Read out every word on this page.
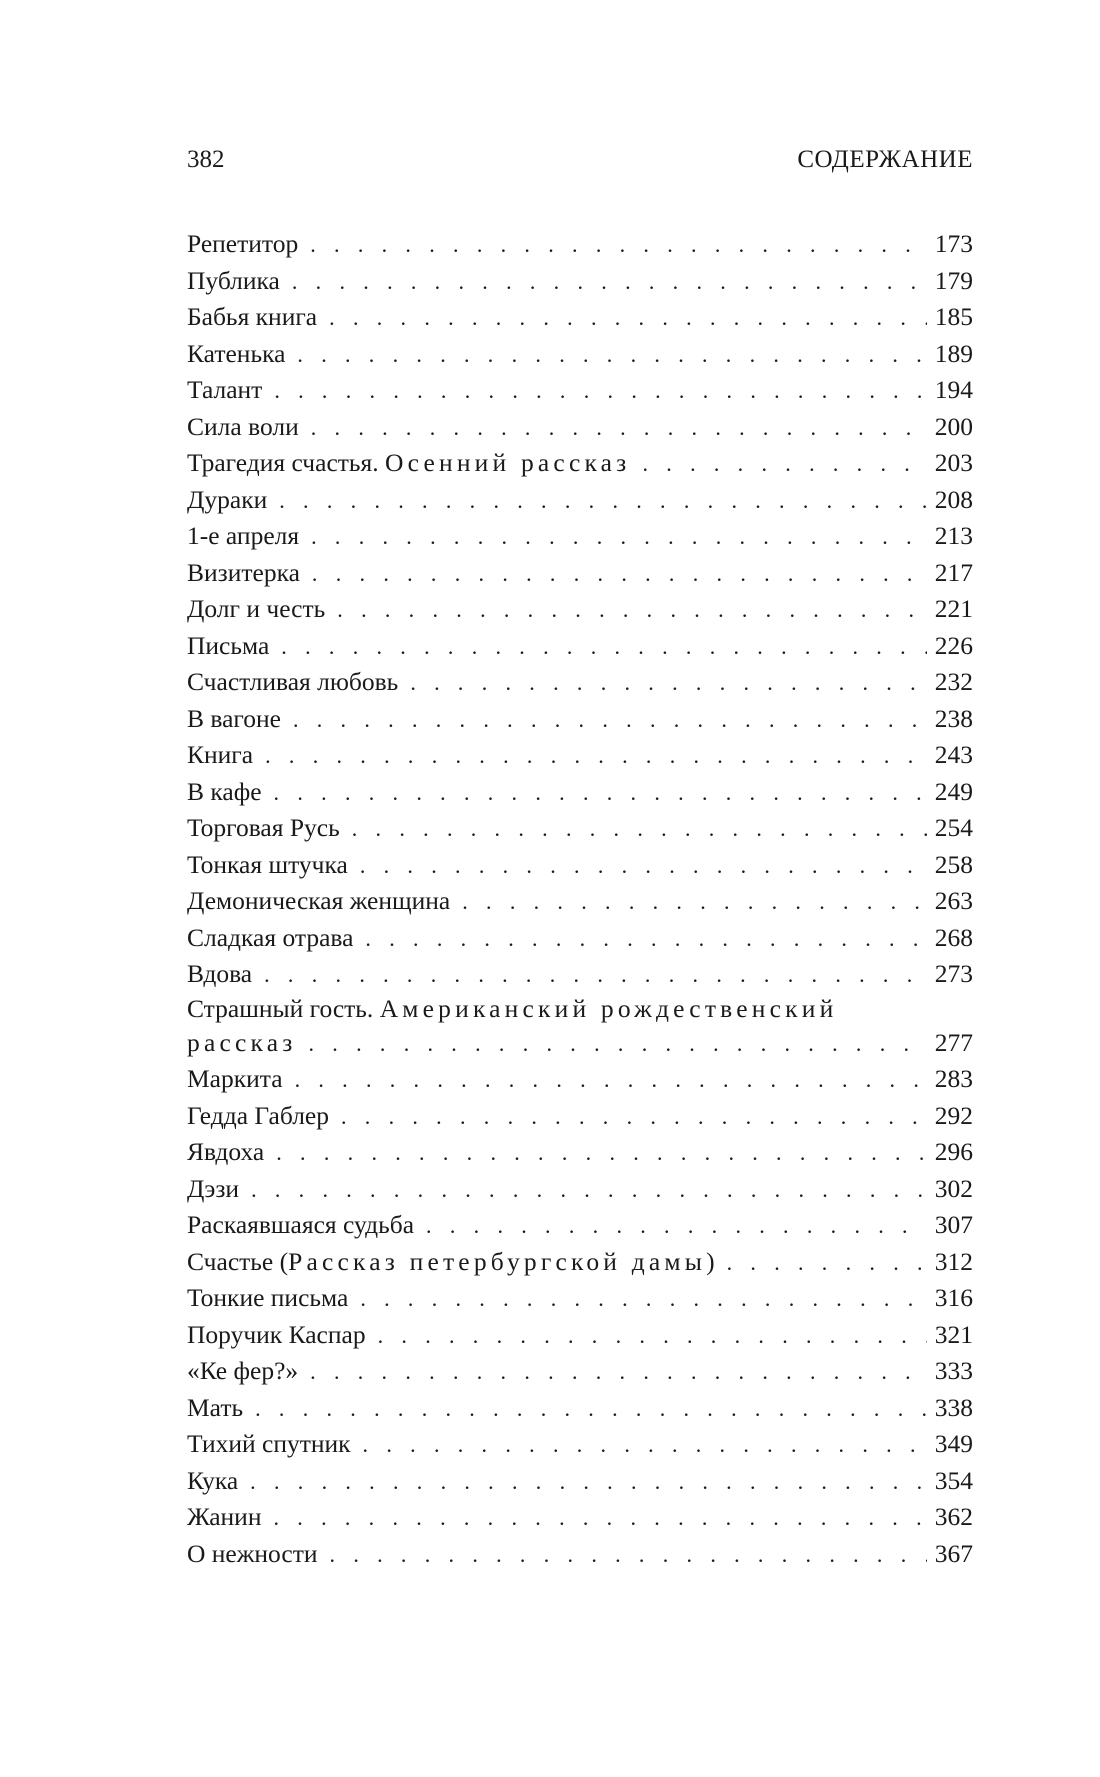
382	СОДЕРЖАНИЕ
Репетитор . . .	173
Публика . . .	179
Бабья книга . . .	185
Катенька . . .	189
Талант . . .	194
Сила воли . . .	200
Трагедия счастья. Осенний рассказ . . .	203
Дураки . . .	208
1-е апреля . . .	213
Визитерка . . .	217
Долг и честь . . .	221
Письма . . .	226
Счастливая любовь . . .	232
В вагоне . . .	238
Книга . . .	243
В кафе . . .	249
Торговая Русь . . .	254
Тонкая штучка . . .	258
Демоническая женщина . . .	263
Сладкая отрава . . .	268
Вдова . . .	273
Страшный гость. Американский рождественский
рассказ . . .	277
Маркита . . .	283
Гедда Габлер . . .	292
Явдоха . . .	296
Дэзи . . .	302
Раскаявшаяся судьба . . .	307
Счастье (Рассказ петербургской дамы) . . .	312
Тонкие письма . . .	316
Поручик Каспар . . .	321
«Ке фер?» . . .	333
Мать . . .	338
Тихий спутник . . .	349
Кука . . .	354
Жанин . . .	362
О нежности . . .	367
